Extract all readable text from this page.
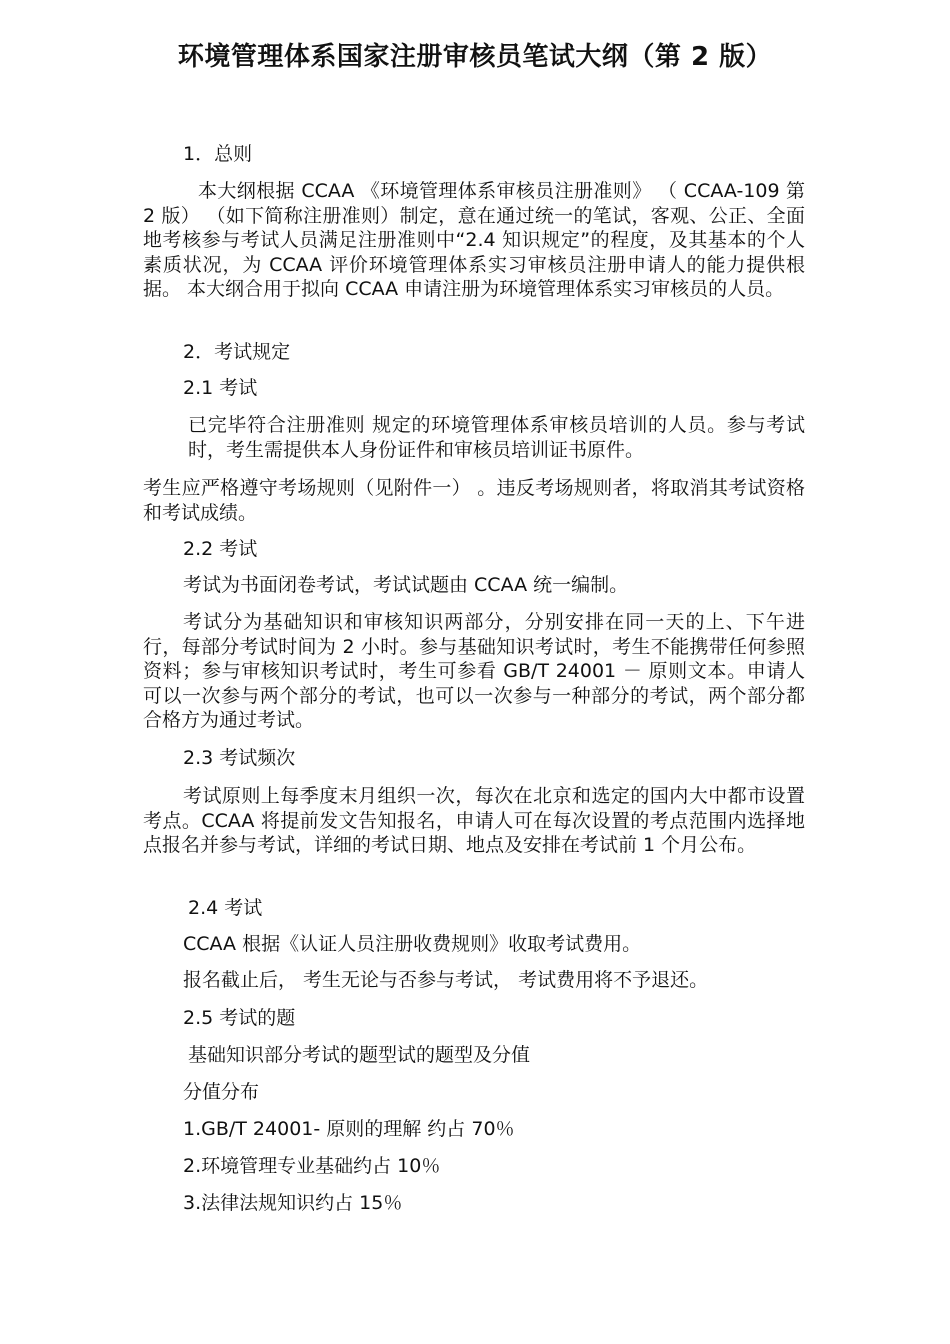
环境管理体系国家注册审核员笔试大纲（第 2 版）
1．总则
本大纲根据 CCAA 《环境管理体系审核员注册准则》 （ CCAA-109 第 2 版） （如下简称注册准则）制定，意在通过统一的笔试，客观、公正、全面地考核参与考试人员满足注册准则中“2.4 知识规定”的程度，及其基本的个人素质状况，为 CCAA 评价环境管理体系实习审核员注册申请人的能力提供根据。 本大纲合用于拟向 CCAA 申请注册为环境管理体系实习审核员的人员。
2．考试规定
2.1 考试
已完毕符合注册准则 规定的环境管理体系审核员培训的人员。参与考试时，考生需提供本人身份证件和审核员培训证书原件。
考生应严格遵守考场规则（见附件一） 。违反考场规则者，将取消其考试资格和考试成绩。
2.2 考试
考试为书面闭卷考试，考试试题由 CCAA 统一编制。
考试分为基础知识和审核知识两部分，分别安排在同一天的上、下午进行，每部分考试时间为 2 小时。参与基础知识考试时，考生不能携带任何参照资料；参与审核知识考试时，考生可参看 GB/T 24001 － 原则文本。申请人可以一次参与两个部分的考试，也可以一次参与一种部分的考试，两个部分都合格方为通过考试。
2.3 考试频次
考试原则上每季度末月组织一次，每次在北京和选定的国内大中都市设置考点。CCAA 将提前发文告知报名，申请人可在每次设置的考点范围内选择地点报名并参与考试，详细的考试日期、地点及安排在考试前 1 个月公布。
2.4 考试
CCAA 根据《认证人员注册收费规则》收取考试费用。
报名截止后， 考生无论与否参与考试， 考试费用将不予退还。
2.5 考试的题
基础知识部分考试的题型试的题型及分值
分值分布
1.GB/T 24001- 原则的理解 约占 70％
2.环境管理专业基础约占 10％
3.法律法规知识约占 15％
